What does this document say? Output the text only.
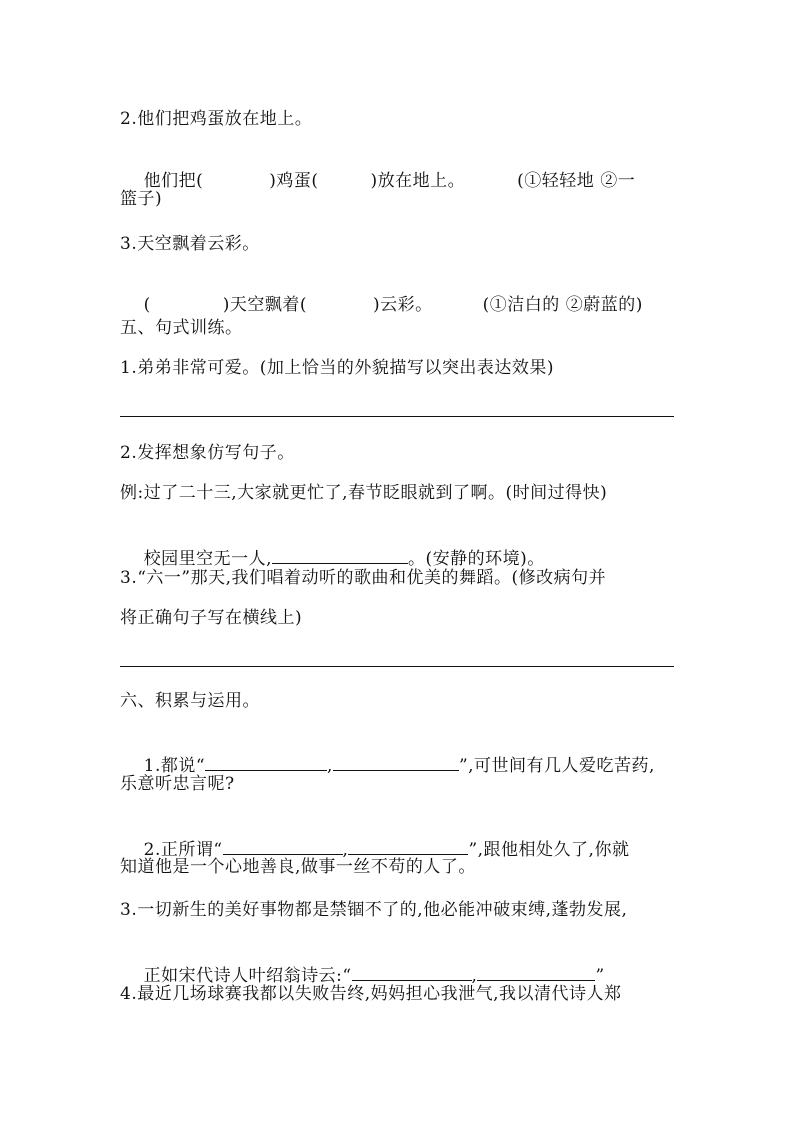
2.他们把鸡蛋放在地上。

他们把(	)鸡蛋(	)放在地上。	(①轻轻地 ②一

篮子)
3.天空飘着云彩。

(	)天空飘着(	)云彩。	(①洁白的 ②蔚蓝的)

五、句式训练。
1.弟弟非常可爱。(加上恰当的外貌描写以突出表达效果)
2.发挥想象仿写句子。
例:过了二十三,大家就更忙了,春节眨眼就到了啊。(时间过得快)

校园里空无一人,	。(安静的环境)。

3.“六一”那天,我们唱着动听的歌曲和优美的舞蹈。(修改病句并
将正确句子写在横线上)
六、积累与运用。

1.都说“	,	”,可世间有几人爱吃苦药,

乐意听忠言呢?

2.正所谓“	,	”,跟他相处久了,你就

知道他是一个心地善良,做事一丝不苟的人了。
3.一切新生的美好事物都是禁锢不了的,他必能冲破束缚,蓬勃发展,

正如宋代诗人叶绍翁诗云:“	,	”

4.最近几场球赛我都以失败告终,妈妈担心我泄气,我以清代诗人郑
